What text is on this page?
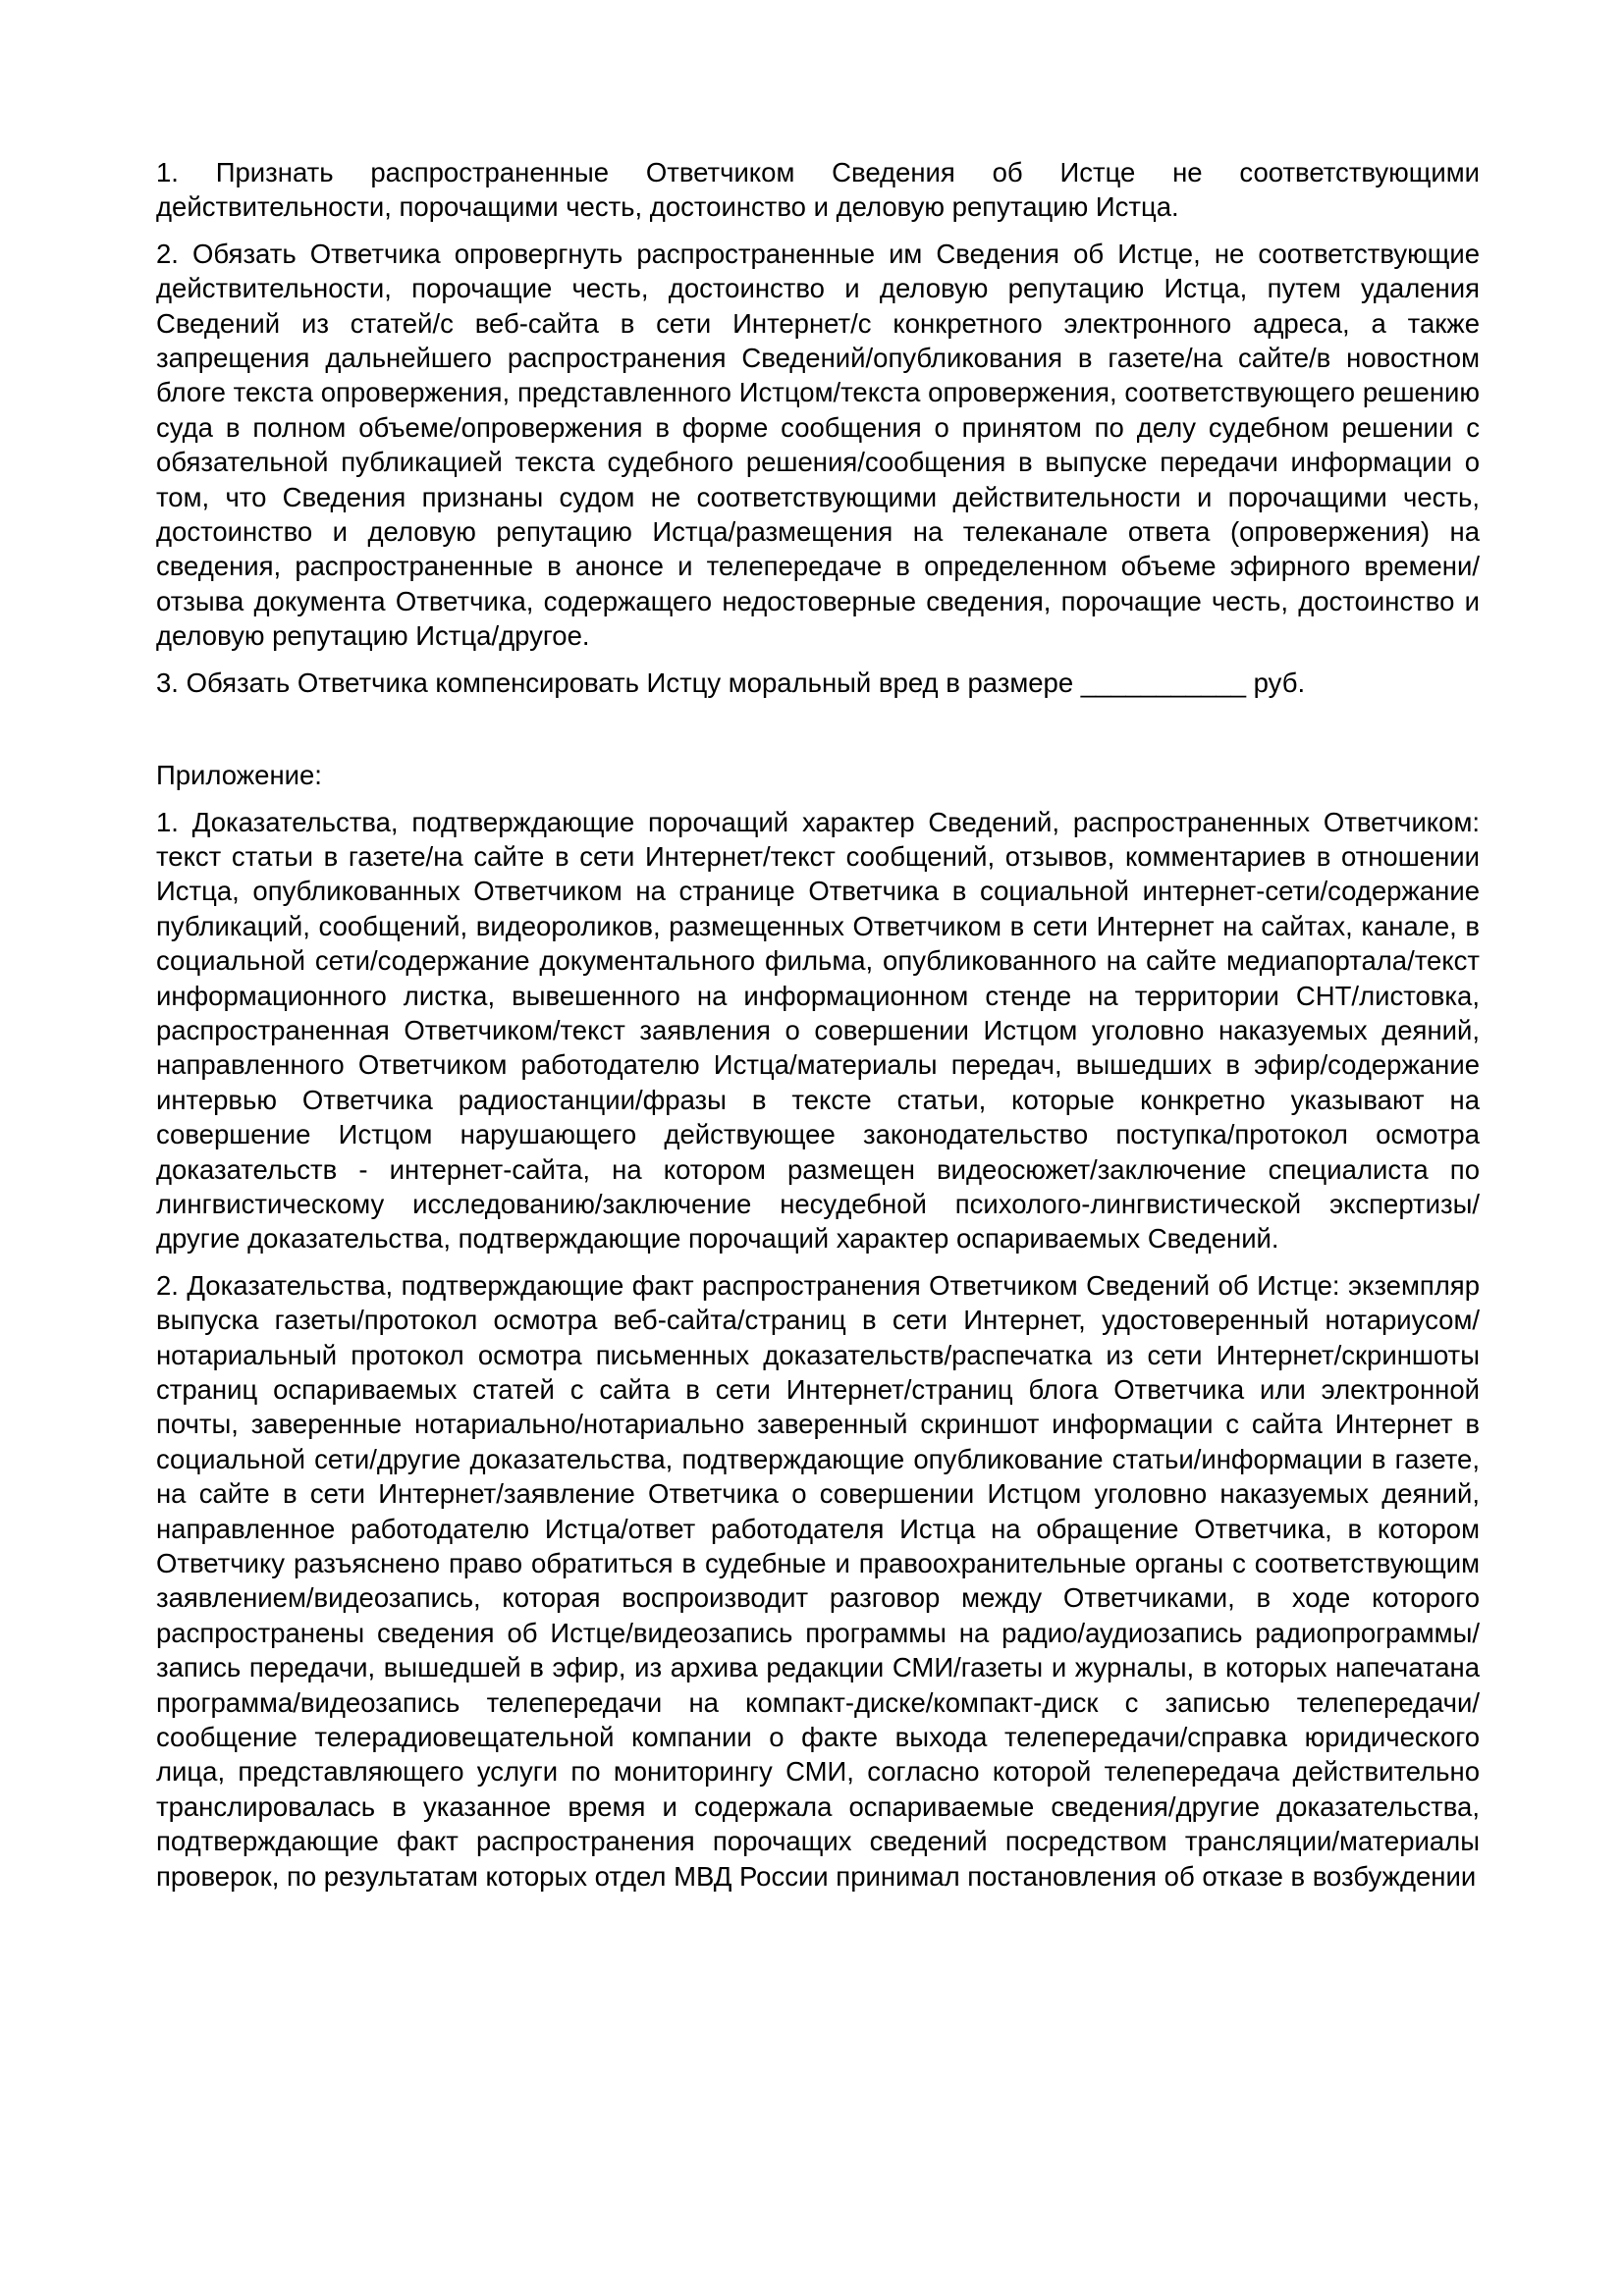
1. Признать распространенные Ответчиком Сведения об Истце не соответствующими действительности, порочащими честь, достоинство и деловую репутацию Истца.

2. Обязать Ответчика опровергнуть распространенные им Сведения об Истце, не соответствующие действительности, порочащие честь, достоинство и деловую репутацию Истца, путем удаления Сведений из статей/с веб-сайта в сети Интернет/с конкретного электронного адреса, а также запрещения дальнейшего распространения Сведений/опубликования в газете/на сайте/в новостном блоге текста опровержения, представленного Истцом/текста опровержения, соответствующего решению суда в полном объеме/опровержения в форме сообщения о принятом по делу судебном решении с обязательной публикацией текста судебного решения/сообщения в выпуске передачи информации о том, что Сведения признаны судом не соответствующими действительности и порочащими честь, достоинство и деловую репутацию Истца/размещения на телеканале ответа (опровержения) на сведения, распространенные в анонсе и телепередаче в определенном объеме эфирного времени/отзыва документа Ответчика, содержащего недостоверные сведения, порочащие честь, достоинство и деловую репутацию Истца/другое.

3. Обязать Ответчика компенсировать Истцу моральный вред в размере ___________ руб.

Приложение:

1. Доказательства, подтверждающие порочащий характер Сведений, распространенных Ответчиком: текст статьи в газете/на сайте в сети Интернет/текст сообщений, отзывов, комментариев в отношении Истца, опубликованных Ответчиком на странице Ответчика в социальной интернет-сети/содержание публикаций, сообщений, видеороликов, размещенных Ответчиком в сети Интернет на сайтах, канале, в социальной сети/содержание документального фильма, опубликованного на сайте медиапортала/текст информационного листка, вывешенного на информационном стенде на территории СНТ/листовка, распространенная Ответчиком/текст заявления о совершении Истцом уголовно наказуемых деяний, направленного Ответчиком работодателю Истца/материалы передач, вышедших в эфир/содержание интервью Ответчика радиостанции/фразы в тексте статьи, которые конкретно указывают на совершение Истцом нарушающего действующее законодательство поступка/протокол осмотра доказательств - интернет-сайта, на котором размещен видеосюжет/заключение специалиста по лингвистическому исследованию/заключение несудебной психолого-лингвистической экспертизы/другие доказательства, подтверждающие порочащий характер оспариваемых Сведений.

2. Доказательства, подтверждающие факт распространения Ответчиком Сведений об Истце: экземпляр выпуска газеты/протокол осмотра веб-сайта/страниц в сети Интернет, удостоверенный нотариусом/нотариальный протокол осмотра письменных доказательств/распечатка из сети Интернет/скриншоты страниц оспариваемых статей с сайта в сети Интернет/страниц блога Ответчика или электронной почты, заверенные нотариально/нотариально заверенный скриншот информации с сайта Интернет в социальной сети/другие доказательства, подтверждающие опубликование статьи/информации в газете, на сайте в сети Интернет/заявление Ответчика о совершении Истцом уголовно наказуемых деяний, направленное работодателю Истца/ответ работодателя Истца на обращение Ответчика, в котором Ответчику разъяснено право обратиться в судебные и правоохранительные органы с соответствующим заявлением/видеозапись, которая воспроизводит разговор между Ответчиками, в ходе которого распространены сведения об Истце/видеозапись программы на радио/аудиозапись радиопрограммы/запись передачи, вышедшей в эфир, из архива редакции СМИ/газеты и журналы, в которых напечатана программа/видеозапись телепередачи на компакт-диске/компакт-диск с записью телепередачи/сообщение телерадиовещательной компании о факте выхода телепередачи/справка юридического лица, представляющего услуги по мониторингу СМИ, согласно которой телепередача действительно транслировалась в указанное время и содержала оспариваемые сведения/другие доказательства, подтверждающие факт распространения порочащих сведений посредством трансляции/материалы проверок, по результатам которых отдел МВД России принимал постановления об отказе в возбуждении
